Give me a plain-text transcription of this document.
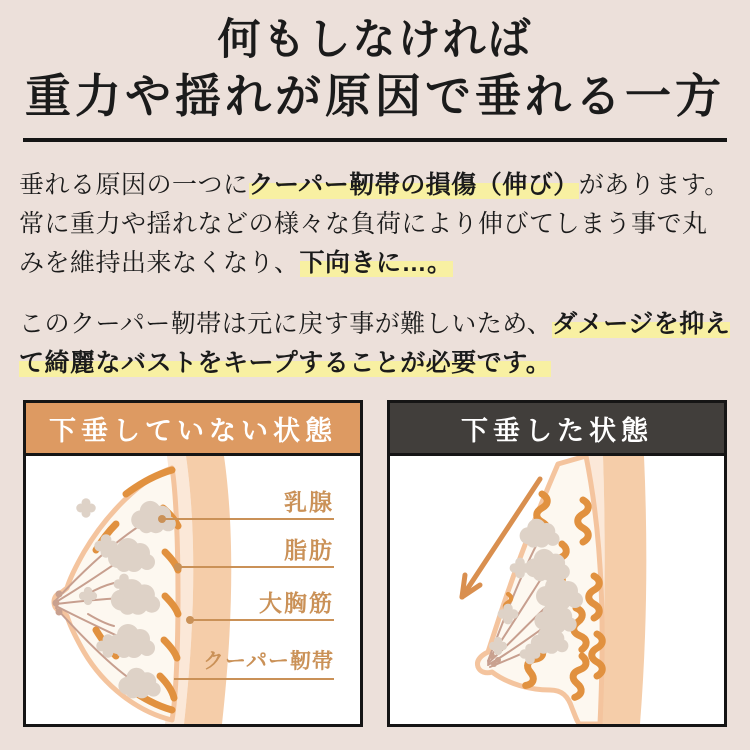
何もしなければ
重力や揺れが原因で垂れる一方

垂れる原因の一つにクーパー靭帯の損傷（伸び）があります。常に重力や揺れなどの様々な負荷により伸びてしまう事で丸みを維持出来なくなり、下向きに…。

このクーパー靭帯は元に戻す事が難しいため、ダメージを抑えて綺麗なバストをキープすることが必要です。

下垂していない状態
乳腺
脂肪
大胸筋
クーパー靭帯
下垂した状態
